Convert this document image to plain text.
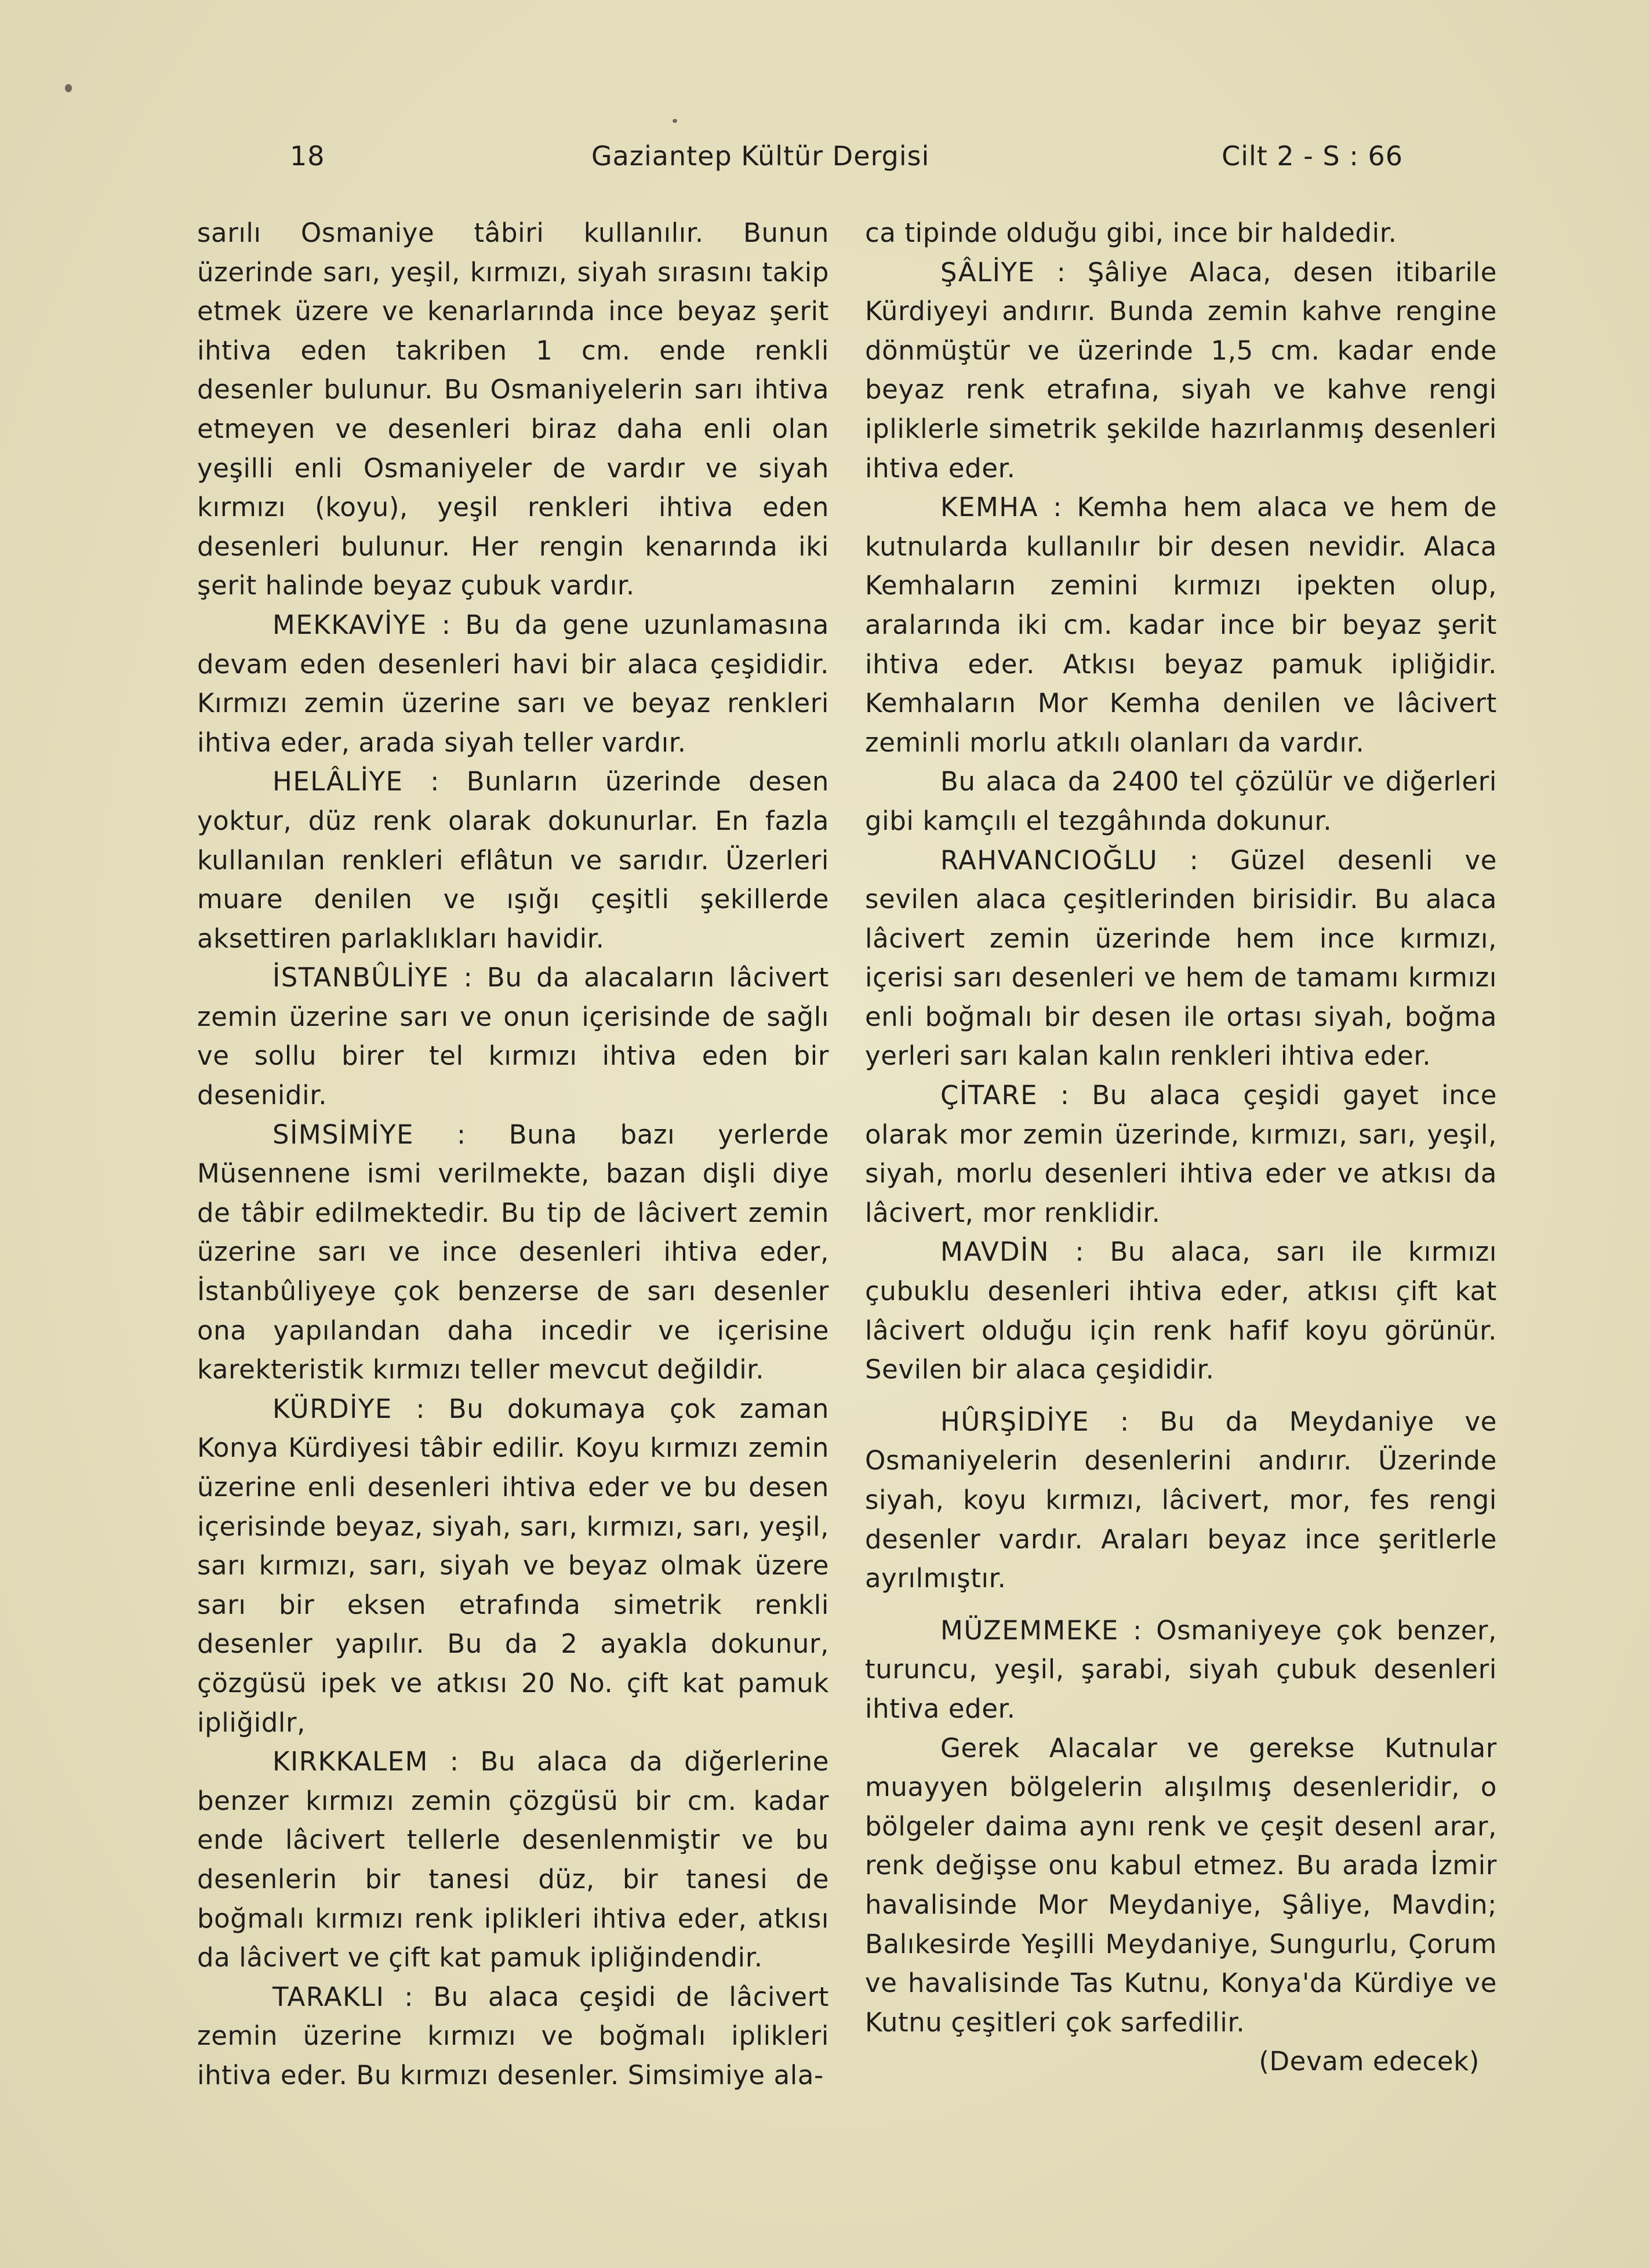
18	Gaziantep Kültür Dergisi	Cilt 2 - S : 66

sarılı Osmaniye tâbiri kullanılır. Bunun üzerinde sarı, yeşil, kırmızı, siyah sırasını takip etmek üzere ve kenarlarında ince beyaz şerit ihtiva eden takriben 1 cm. ende renkli desenler bulunur. Bu Osmaniyelerin sarı ihtiva etmeyen ve desenleri biraz daha enli olan yeşilli enli Osmaniyeler de vardır ve siyah kırmızı (koyu), yeşil renkleri ihtiva eden desenleri bulunur. Her rengin kenarında iki şerit halinde beyaz çubuk vardır.

MEKKAVİYE : Bu da gene uzunlamasına devam eden desenleri havi bir alaca çeşididir. Kırmızı zemin üzerine sarı ve beyaz renkleri ihtiva eder, arada siyah teller vardır.

HELÂLİYE : Bunların üzerinde desen yoktur, düz renk olarak dokunurlar. En fazla kullanılan renkleri eflâtun ve sarıdır. Üzerleri muare denilen ve ışığı çeşitli şekillerde aksettiren parlaklıkları havidir.

İSTANBÛLİYE : Bu da alacaların lâcivert zemin üzerine sarı ve onun içerisinde de sağlı ve sollu birer tel kırmızı ihtiva eden bir desenidir.

SİMSİMİYE : Buna bazı yerlerde Müsennene ismi verilmekte, bazan dişli diye de tâbir edilmektedir. Bu tip de lâcivert zemin üzerine sarı ve ince desenleri ihtiva eder, İstanbûliyeye çok benzerse de sarı desenler ona yapılandan daha incedir ve içerisine karekteristik kırmızı teller mevcut değildir.

KÜRDİYE : Bu dokumaya çok zaman Konya Kürdiyesi tâbir edilir. Koyu kırmızı zemin üzerine enli desenleri ihtiva eder ve bu desen içerisinde beyaz, siyah, sarı, kırmızı, sarı, yeşil, sarı kırmızı, sarı, siyah ve beyaz olmak üzere sarı bir eksen etrafında simetrik renkli desenler yapılır. Bu da 2 ayakla dokunur, çözgüsü ipek ve atkısı 20 No. çift kat pamuk ipliğidlr,

KIRKKALEM : Bu alaca da diğerlerine benzer kırmızı zemin çözgüsü bir cm. kadar ende lâcivert tellerle desenlenmiştir ve bu desenlerin bir tanesi düz, bir tanesi de boğmalı kırmızı renk iplikleri ihtiva eder, atkısı da lâcivert ve çift kat pamuk ipliğindendir.

TARAKLI : Bu alaca çeşidi de lâcivert zemin üzerine kırmızı ve boğmalı iplikleri ihtiva eder. Bu kırmızı desenler. Simsimiye ala-

ca tipinde olduğu gibi, ince bir haldedir.

ŞÂLİYE : Şâliye Alaca, desen itibarile Kürdiyeyi andırır. Bunda zemin kahve rengine dönmüştür ve üzerinde 1,5 cm. kadar ende beyaz renk etrafına, siyah ve kahve rengi ipliklerle simetrik şekilde hazırlanmış desenleri ihtiva eder.

KEMHA : Kemha hem alaca ve hem de kutnularda kullanılır bir desen nevidir. Alaca Kemhaların zemini kırmızı ipekten olup, aralarında iki cm. kadar ince bir beyaz şerit ihtiva eder. Atkısı beyaz pamuk ipliğidir. Kemhaların Mor Kemha denilen ve lâcivert zeminli morlu atkılı olanları da vardır.

Bu alaca da 2400 tel çözülür ve diğerleri gibi kamçılı el tezgâhında dokunur.

RAHVANCIOĞLU : Güzel desenli ve sevilen alaca çeşitlerinden birisidir. Bu alaca lâcivert zemin üzerinde hem ince kırmızı, içerisi sarı desenleri ve hem de tamamı kırmızı enli boğmalı bir desen ile ortası siyah, boğma yerleri sarı kalan kalın renkleri ihtiva eder.

ÇİTARE : Bu alaca çeşidi gayet ince olarak mor zemin üzerinde, kırmızı, sarı, yeşil, siyah, morlu desenleri ihtiva eder ve atkısı da lâcivert, mor renklidir.

MAVDİN : Bu alaca, sarı ile kırmızı çubuklu desenleri ihtiva eder, atkısı çift kat lâcivert olduğu için renk hafif koyu görünür. Sevilen bir alaca çeşididir.

HÛRŞİDİYE : Bu da Meydaniye ve Osmaniyelerin desenlerini andırır. Üzerinde siyah, koyu kırmızı, lâcivert, mor, fes rengi desenler vardır. Araları beyaz ince şeritlerle ayrılmıştır.

MÜZEMMEKE : Osmaniyeye çok benzer, turuncu, yeşil, şarabi, siyah çubuk desenleri ihtiva eder.

Gerek Alacalar ve gerekse Kutnular muayyen bölgelerin alışılmış desenleridir, o bölgeler daima aynı renk ve çeşit desenl arar, renk değişse onu kabul etmez. Bu arada İzmir havalisinde Mor Meydaniye, Şâliye, Mavdin; Balıkesirde Yeşilli Meydaniye, Sungurlu, Çorum ve havalisinde Tas Kutnu, Konya'da Kürdiye ve Kutnu çeşitleri çok sarfedilir.

(Devam edecek)
